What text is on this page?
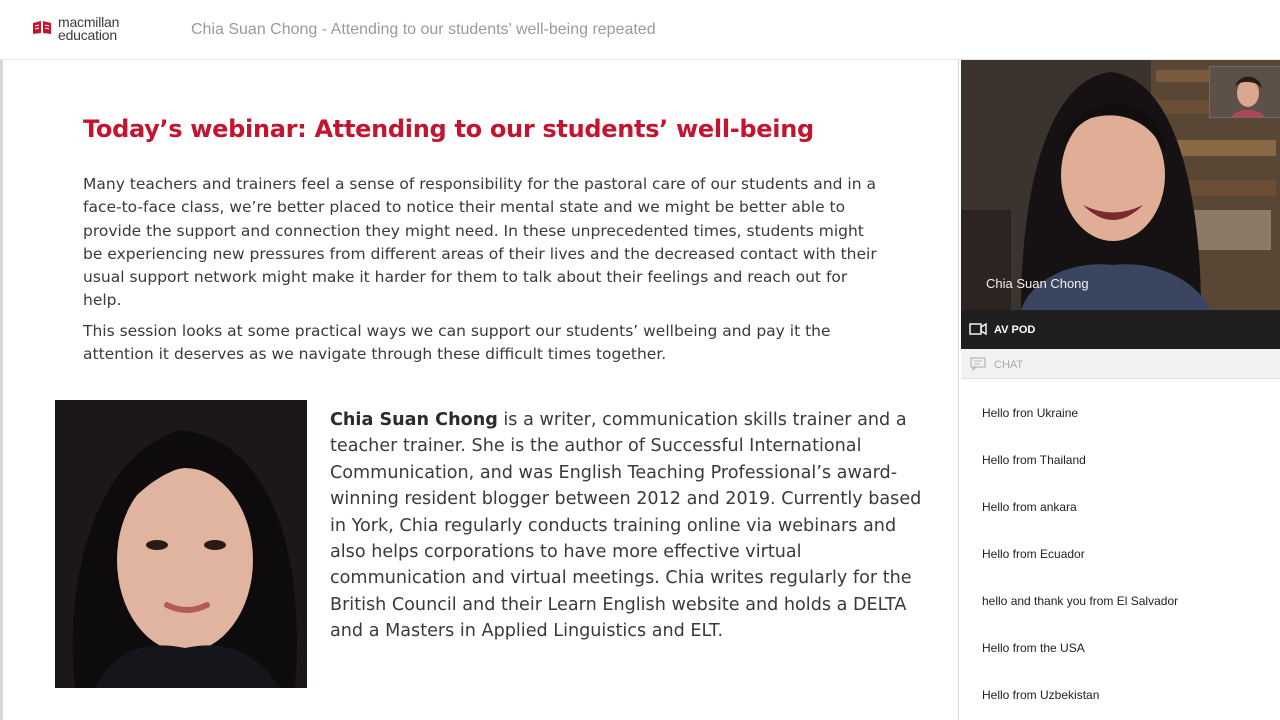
macmillan
education	Chia Suan Chong - Attending to our students’ well-being repeated
Today’s webinar: Attending to our students’ well-being

Many teachers and trainers feel a sense of responsibility for the pastoral care of our students and in a face-to-face class, we’re better placed to notice their mental state and we might be better able to provide the support and connection they might need. In these unprecedented times, students might be experiencing new pressures from different areas of their lives and the decreased contact with their usual support network might make it harder for them to talk about their feelings and reach out for help.

This session looks at some practical ways we can support our students’ wellbeing and pay it the attention it deserves as we navigate through these difficult times together.

Chia Suan Chong is a writer, communication skills trainer and a teacher trainer. She is the author of Successful International Communication, and was English Teaching Professional’s award-winning resident blogger between 2012 and 2019. Currently based in York, Chia regularly conducts training online via webinars and also helps corporations to have more effective virtual communication and virtual meetings. Chia writes regularly for the British Council and their Learn English website and holds a DELTA and a Masters in Applied Linguistics and ELT.

Chia Suan Chong
AV POD
CHAT
Hello fron Ukraine
Hello from Thailand
Hello from ankara
Hello from Ecuador
hello and thank you from El Salvador
Hello from the USA
Hello from Uzbekistan
